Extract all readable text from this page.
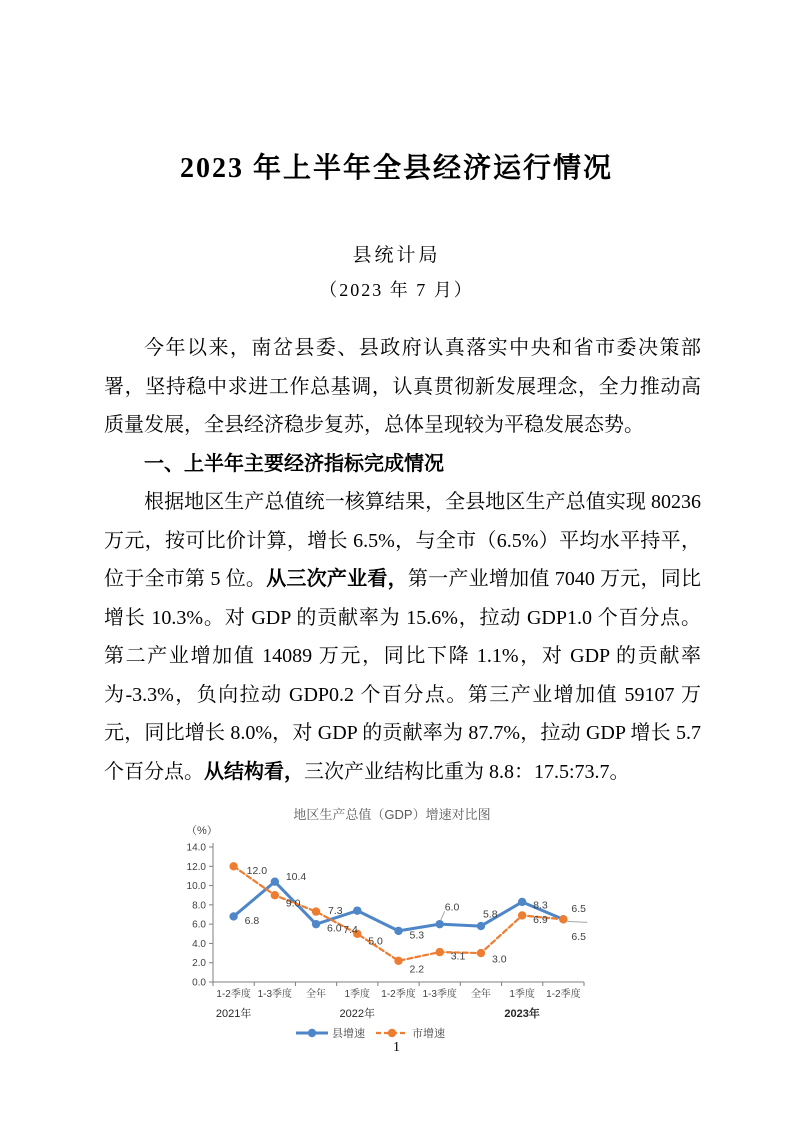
2023 年上半年全县经济运行情况
县统计局
（2023 年 7 月）

今年以来，南岔县委、县政府认真落实中央和省市委决策部署，坚持稳中求进工作总基调，认真贯彻新发展理念，全力推动高质量发展，全县经济稳步复苏，总体呈现较为平稳发展态势。

一、上半年主要经济指标完成情况

根据地区生产总值统一核算结果，全县地区生产总值实现 80236 万元，按可比价计算，增长 6.5%，与全市（6.5%）平均水平持平，位于全市第 5 位。从三次产业看，第一产业增加值 7040 万元，同比增长 10.3%。对 GDP 的贡献率为 15.6%，拉动 GDP1.0 个百分点。第二产业增加值 14089 万元，同比下降 1.1%，对 GDP 的贡献率为-3.3%，负向拉动 GDP0.2 个百分点。第三产业增加值 59107 万元，同比增长 8.0%，对 GDP 的贡献率为 87.7%，拉动 GDP 增长 5.7 个百分点。从结构看，三次产业结构比重为 8.8：17.5:73.7。

地区生产总值（GDP）增速对比图
（%）
0.0
2.0
4.0
6.0
8.0
10.0
12.0
14.0
1-2季度 1-3季度 全年 1季度 1-2季度 1-3季度 全年 1季度 1-2季度
2021年	2022年	2023年
6.8
10.4
6.0 7.4	5.3
6.0
5.8
8.3 6.5
12.0
9.0
7.3
5.0
2.2
3.1	3.0
6.9
6.5
县增速	市增速
1
